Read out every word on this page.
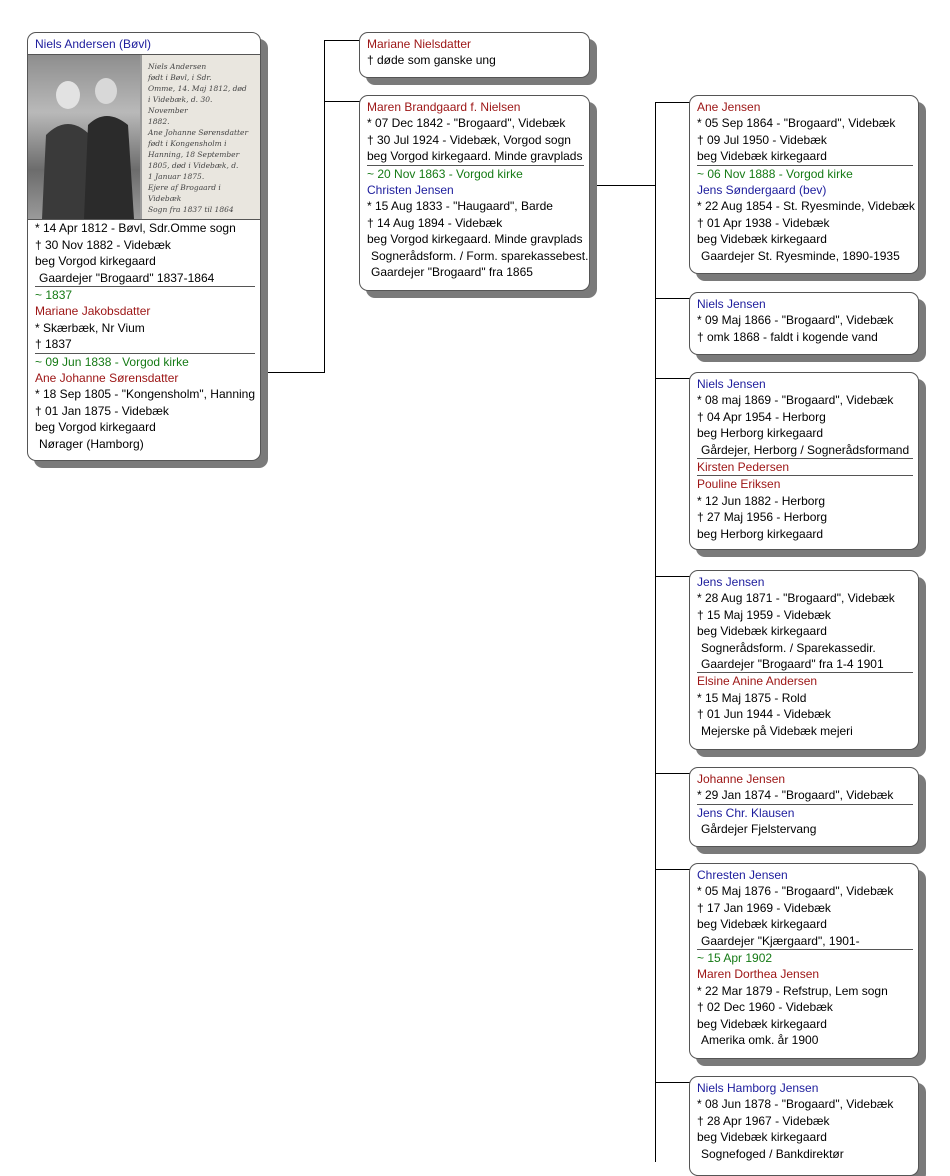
Niels Andersen (Bøvl)
Niels Andersen
født i Bøvl, i Sdr.
Omme, 14. Maj 1812, død
i Videbæk, d. 30. November
1882.
Ane Johanne Sørensdatter
født i Kongensholm i
Hanning, 18 September
1805, død i Videbæk, d.
1 Januar 1875.
Ejere af Brogaard i Videbæk
Sogn fra 1837 til 1864
* 14 Apr 1812 - Bøvl, Sdr.Omme sogn
† 30 Nov 1882 - Videbæk
beg Vorgod kirkegaard
Gaardejer "Brogaard" 1837-1864
~ 1837
Mariane Jakobsdatter
* Skærbæk, Nr Vium
† 1837
~ 09 Jun 1838 - Vorgod kirke
Ane Johanne Sørensdatter
* 18 Sep 1805 - "Kongensholm", Hanning
† 01 Jan 1875 - Videbæk
beg Vorgod kirkegaard
Nørager (Hamborg)
Mariane Nielsdatter
† døde som ganske ung
Maren Brandgaard f. Nielsen
* 07 Dec 1842 - "Brogaard", Videbæk
† 30 Jul 1924 - Videbæk, Vorgod sogn
beg Vorgod kirkegaard. Minde gravplads
~ 20 Nov 1863 - Vorgod kirke
Christen Jensen
* 15 Aug 1833 - "Haugaard", Barde
† 14 Aug 1894 - Videbæk
beg Vorgod kirkegaard. Minde gravplads
Sognerådsform. / Form. sparekassebest.
Gaardejer "Brogaard" fra 1865
Ane Jensen
* 05 Sep 1864 - "Brogaard", Videbæk
† 09 Jul 1950 - Videbæk
beg Videbæk kirkegaard
~ 06 Nov 1888 - Vorgod kirke
Jens Søndergaard (bev)
* 22 Aug 1854 - St. Ryesminde, Videbæk
† 01 Apr 1938 - Videbæk
beg Videbæk kirkegaard
Gaardejer St. Ryesminde, 1890-1935
Niels Jensen
* 09 Maj 1866 - "Brogaard", Videbæk
† omk 1868 - faldt i kogende vand
Niels Jensen
* 08 maj 1869 - "Brogaard", Videbæk
† 04 Apr 1954 - Herborg
beg Herborg kirkegaard
Gårdejer, Herborg / Sognerådsformand
Kirsten Pedersen
Pouline Eriksen
* 12 Jun 1882 - Herborg
† 27 Maj 1956 - Herborg
beg Herborg kirkegaard
Jens Jensen
* 28 Aug 1871 - "Brogaard", Videbæk
† 15 Maj 1959 - Videbæk
beg Videbæk kirkegaard
Sognerådsform. / Sparekassedir.
Gaardejer "Brogaard" fra 1-4 1901
Elsine Anine Andersen
* 15 Maj 1875 - Rold
† 01 Jun 1944 - Videbæk
Mejerske på Videbæk mejeri
Johanne Jensen
* 29 Jan 1874 - "Brogaard", Videbæk
Jens Chr. Klausen
Gårdejer Fjelstervang
Chresten Jensen
* 05 Maj 1876 - "Brogaard", Videbæk
† 17 Jan 1969 - Videbæk
beg Videbæk kirkegaard
Gaardejer "Kjærgaard", 1901-
~ 15 Apr 1902
Maren Dorthea Jensen
* 22 Mar 1879 - Refstrup, Lem sogn
† 02 Dec 1960 - Videbæk
beg Videbæk kirkegaard
Amerika omk. år 1900
Niels Hamborg Jensen
* 08 Jun 1878 - "Brogaard", Videbæk
† 28 Apr 1967 - Videbæk
beg Videbæk kirkegaard
Sognefoged / Bankdirektør
